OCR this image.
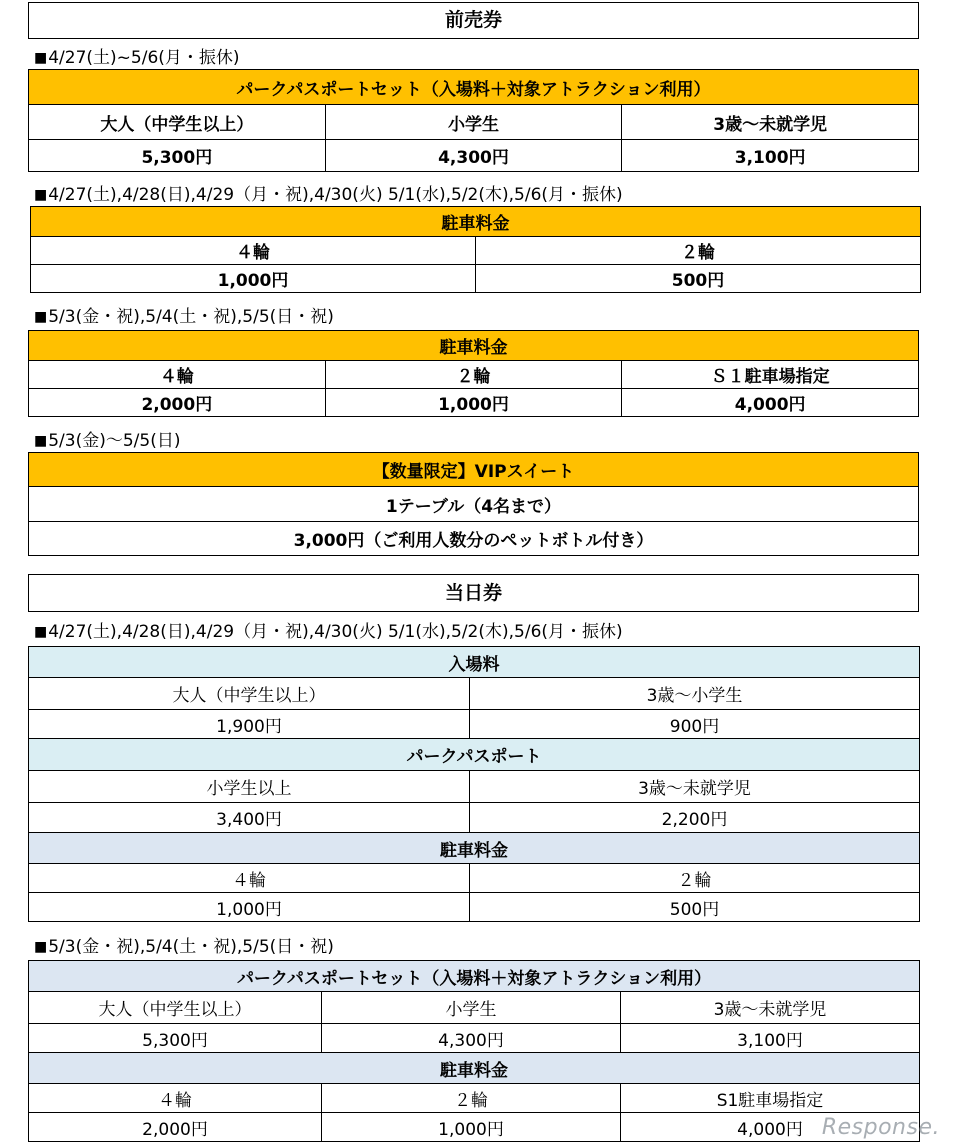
前売券
■4/27(土)~5/6(月・振休)
パークパスポートセット（入場料＋対象アトラクション利用）		
大人（中学生以上）	小学生	3歳～未就学児
5,300円	4,300円	3,100円
■4/27(土),4/28(日),4/29（月・祝),4/30(火) 5/1(水),5/2(木),5/6(月・振休)
駐車料金	
４輪	２輪
1,000円	500円
■5/3(金・祝),5/4(土・祝),5/5(日・祝)
駐車料金		
４輪	２輪	Ｓ１駐車場指定
2,000円	1,000円	4,000円
■5/3(金)～5/5(日)
【数量限定】VIPスイート
1テーブル（4名まで）
3,000円（ご利用人数分のペットボトル付き）
当日券
■4/27(土),4/28(日),4/29（月・祝),4/30(火) 5/1(水),5/2(木),5/6(月・振休)
入場料	
大人（中学生以上）	3歳～小学生
1,900円	900円
パークパスポート	
小学生以上	3歳～未就学児
3,400円	2,200円
駐車料金	
４輪	２輪
1,000円	500円
■5/3(金・祝),5/4(土・祝),5/5(日・祝)
パークパスポートセット（入場料＋対象アトラクション利用）		
大人（中学生以上）	小学生	3歳～未就学児
5,300円	4,300円	3,100円
駐車料金		
４輪	２輪	S1駐車場指定
2,000円	1,000円	4,000円 Response.
